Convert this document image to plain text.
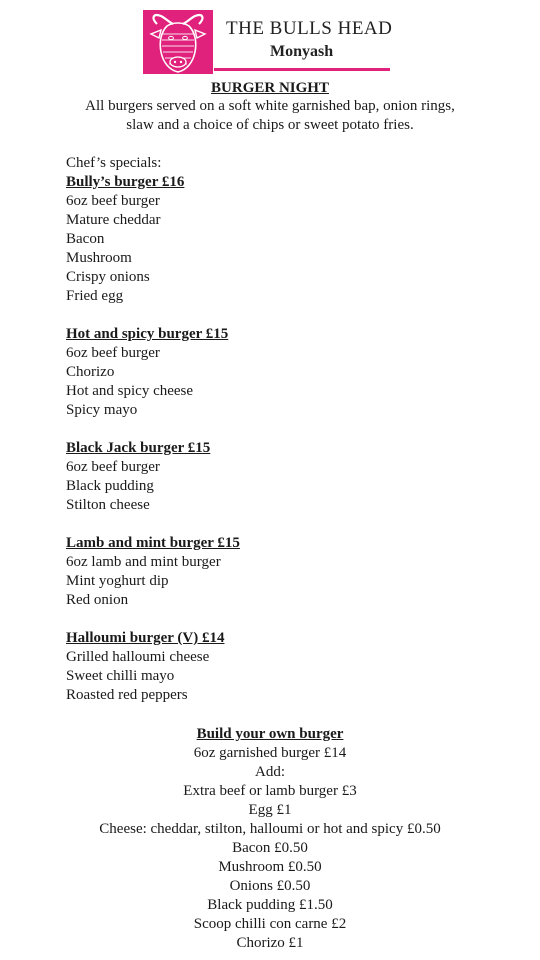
THE BULLS HEAD
Monyash
BURGER NIGHT
All burgers served on a soft white garnished bap, onion rings,
slaw and a choice of chips or sweet potato fries.
Chef’s specials:
Bully’s burger £16
6oz beef burger
Mature cheddar
Bacon
Mushroom
Crispy onions
Fried egg
Hot and spicy burger £15
6oz beef burger
Chorizo
Hot and spicy cheese
Spicy mayo
Black Jack burger £15
6oz beef burger
Black pudding
Stilton cheese
Lamb and mint burger £15
6oz lamb and mint burger
Mint yoghurt dip
Red onion
Halloumi burger (V) £14
Grilled halloumi cheese
Sweet chilli mayo
Roasted red peppers
Build your own burger
6oz garnished burger £14
Add:
Extra beef or lamb burger £3
Egg £1
Cheese: cheddar, stilton, halloumi or hot and spicy £0.50
Bacon £0.50
Mushroom £0.50
Onions £0.50
Black pudding £1.50
Scoop chilli con carne £2
Chorizo £1
